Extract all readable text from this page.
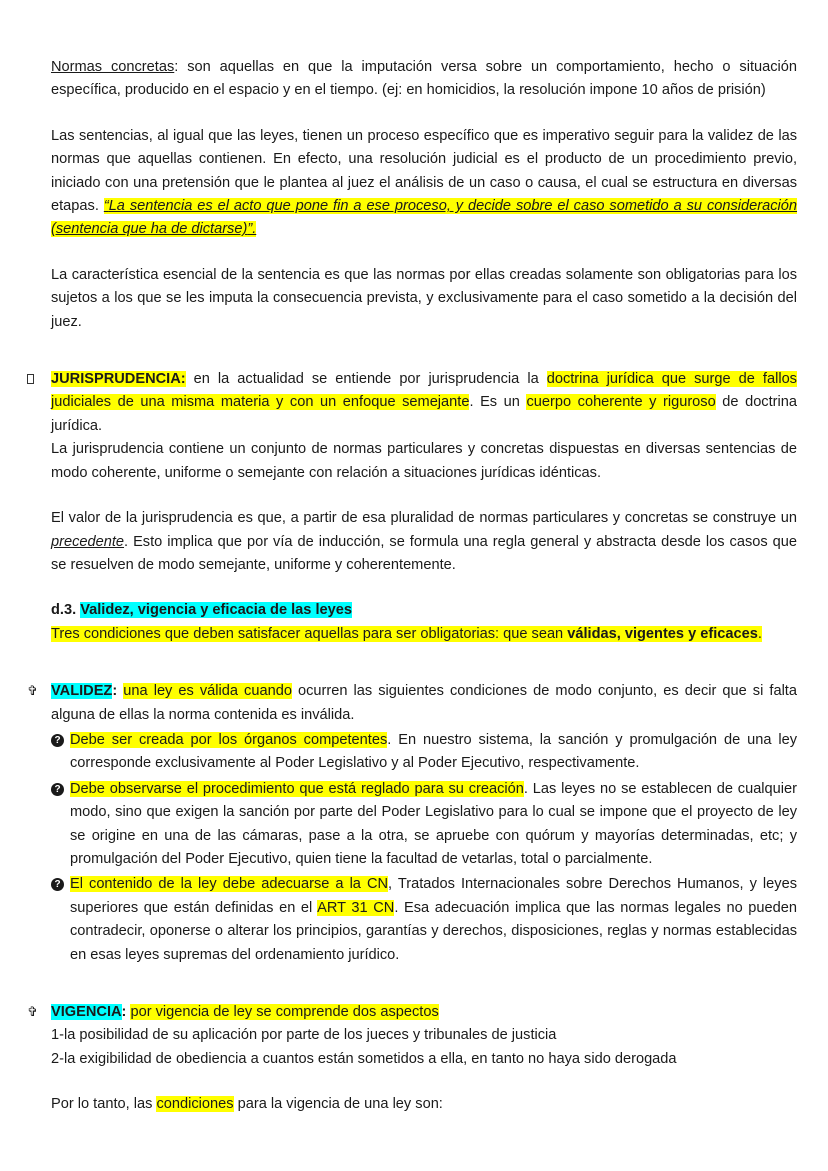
Normas concretas: son aquellas en que la imputación versa sobre un comportamiento, hecho o situación específica, producido en el espacio y en el tiempo. (ej: en homicidios, la resolución impone 10 años de prisión)

Las sentencias, al igual que las leyes, tienen un proceso específico que es imperativo seguir para la validez de las normas que aquellas contienen. En efecto, una resolución judicial es el producto de un procedimiento previo, iniciado con una pretensión que le plantea al juez el análisis de un caso o causa, el cual se estructura en diversas etapas. “La sentencia es el acto que pone fin a ese proceso, y decide sobre el caso sometido a su consideración (sentencia que ha de dictarse)”.

La característica esencial de la sentencia es que las normas por ellas creadas solamente son obligatorias para los sujetos a los que se les imputa la consecuencia prevista, y exclusivamente para el caso sometido a la decisión del juez.

JURISPRUDENCIA: en la actualidad se entiende por jurisprudencia la doctrina jurídica que surge de fallos judiciales de una misma materia y con un enfoque semejante. Es un cuerpo coherente y riguroso de doctrina jurídica.

La jurisprudencia contiene un conjunto de normas particulares y concretas dispuestas en diversas sentencias de modo coherente, uniforme o semejante con relación a situaciones jurídicas idénticas.

El valor de la jurisprudencia es que, a partir de esa pluralidad de normas particulares y concretas se construye un precedente. Esto implica que por vía de inducción, se formula una regla general y abstracta desde los casos que se resuelven de modo semejante, uniforme y coherentemente.

d.3. Validez, vigencia y eficacia de las leyes

Tres condiciones que deben satisfacer aquellas para ser obligatorias: que sean válidas, vigentes y eficaces.

✞ VALIDEZ: una ley es válida cuando ocurren las siguientes condiciones de modo conjunto, es decir que si falta alguna de ellas la norma contenida es inválida.

? Debe ser creada por los órganos competentes. En nuestro sistema, la sanción y promulgación de una ley corresponde exclusivamente al Poder Legislativo y al Poder Ejecutivo, respectivamente.

? Debe observarse el procedimiento que está reglado para su creación. Las leyes no se establecen de cualquier modo, sino que exigen la sanción por parte del Poder Legislativo para lo cual se impone que el proyecto de ley se origine en una de las cámaras, pase a la otra, se apruebe con quórum y mayorías determinadas, etc; y promulgación del Poder Ejecutivo, quien tiene la facultad de vetarlas, total o parcialmente.

? El contenido de la ley debe adecuarse a la CN, Tratados Internacionales sobre Derechos Humanos, y leyes superiores que están definidas en el ART 31 CN. Esa adecuación implica que las normas legales no pueden contradecir, oponerse o alterar los principios, garantías y derechos, disposiciones, reglas y normas establecidas en esas leyes supremas del ordenamiento jurídico.

✞ VIGENCIA: por vigencia de ley se comprende dos aspectos

1-la posibilidad de su aplicación por parte de los jueces y tribunales de justicia

2-la exigibilidad de obediencia a cuantos están sometidos a ella, en tanto no haya sido derogada

Por lo tanto, las condiciones para la vigencia de una ley son:
